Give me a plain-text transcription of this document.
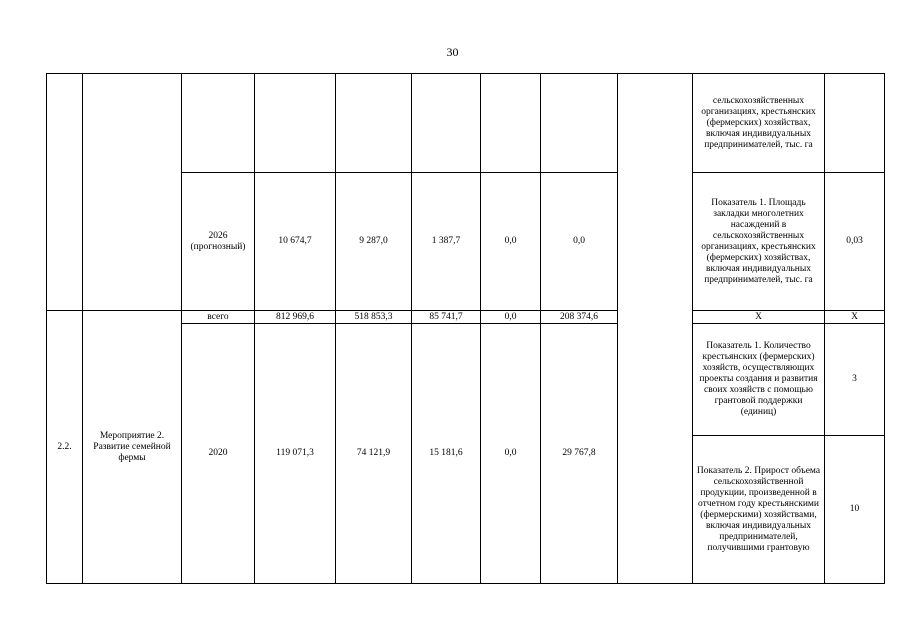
30
									сельскохозяйственных организациях, крестьянских (фермерских) хозяйствах, включая индивидуальных предпринимателей, тыс. га	
		2026 (прогнозный)	10 674,7	9 287,0	1 387,7	0,0	0,0		Показатель 1. Площадь закладки многолетних насаждений в сельскохозяйственных организациях, крестьянских (фермерских) хозяйствах, включая индивидуальных предпринимателей, тыс. га	0,03
2.2.	Мероприятие 2. Развитие семейной фермы	всего	812 969,6	518 853,3	85 741,7	0,0	208 374,6		X	X
		2020	119 071,3	74 121,9	15 181,6	0,0	29 767,8		Показатель 1. Количество крестьянских (фермерских) хозяйств, осуществляющих проекты создания и развития своих хозяйств с помощью грантовой поддержки (единиц)	3
									Показатель 2. Прирост объема сельскохозяйственной продукции, произведенной в отчетном году крестьянскими (фермерскими) хозяйствами, включая индивидуальных предпринимателей, получившими грантовую	10
